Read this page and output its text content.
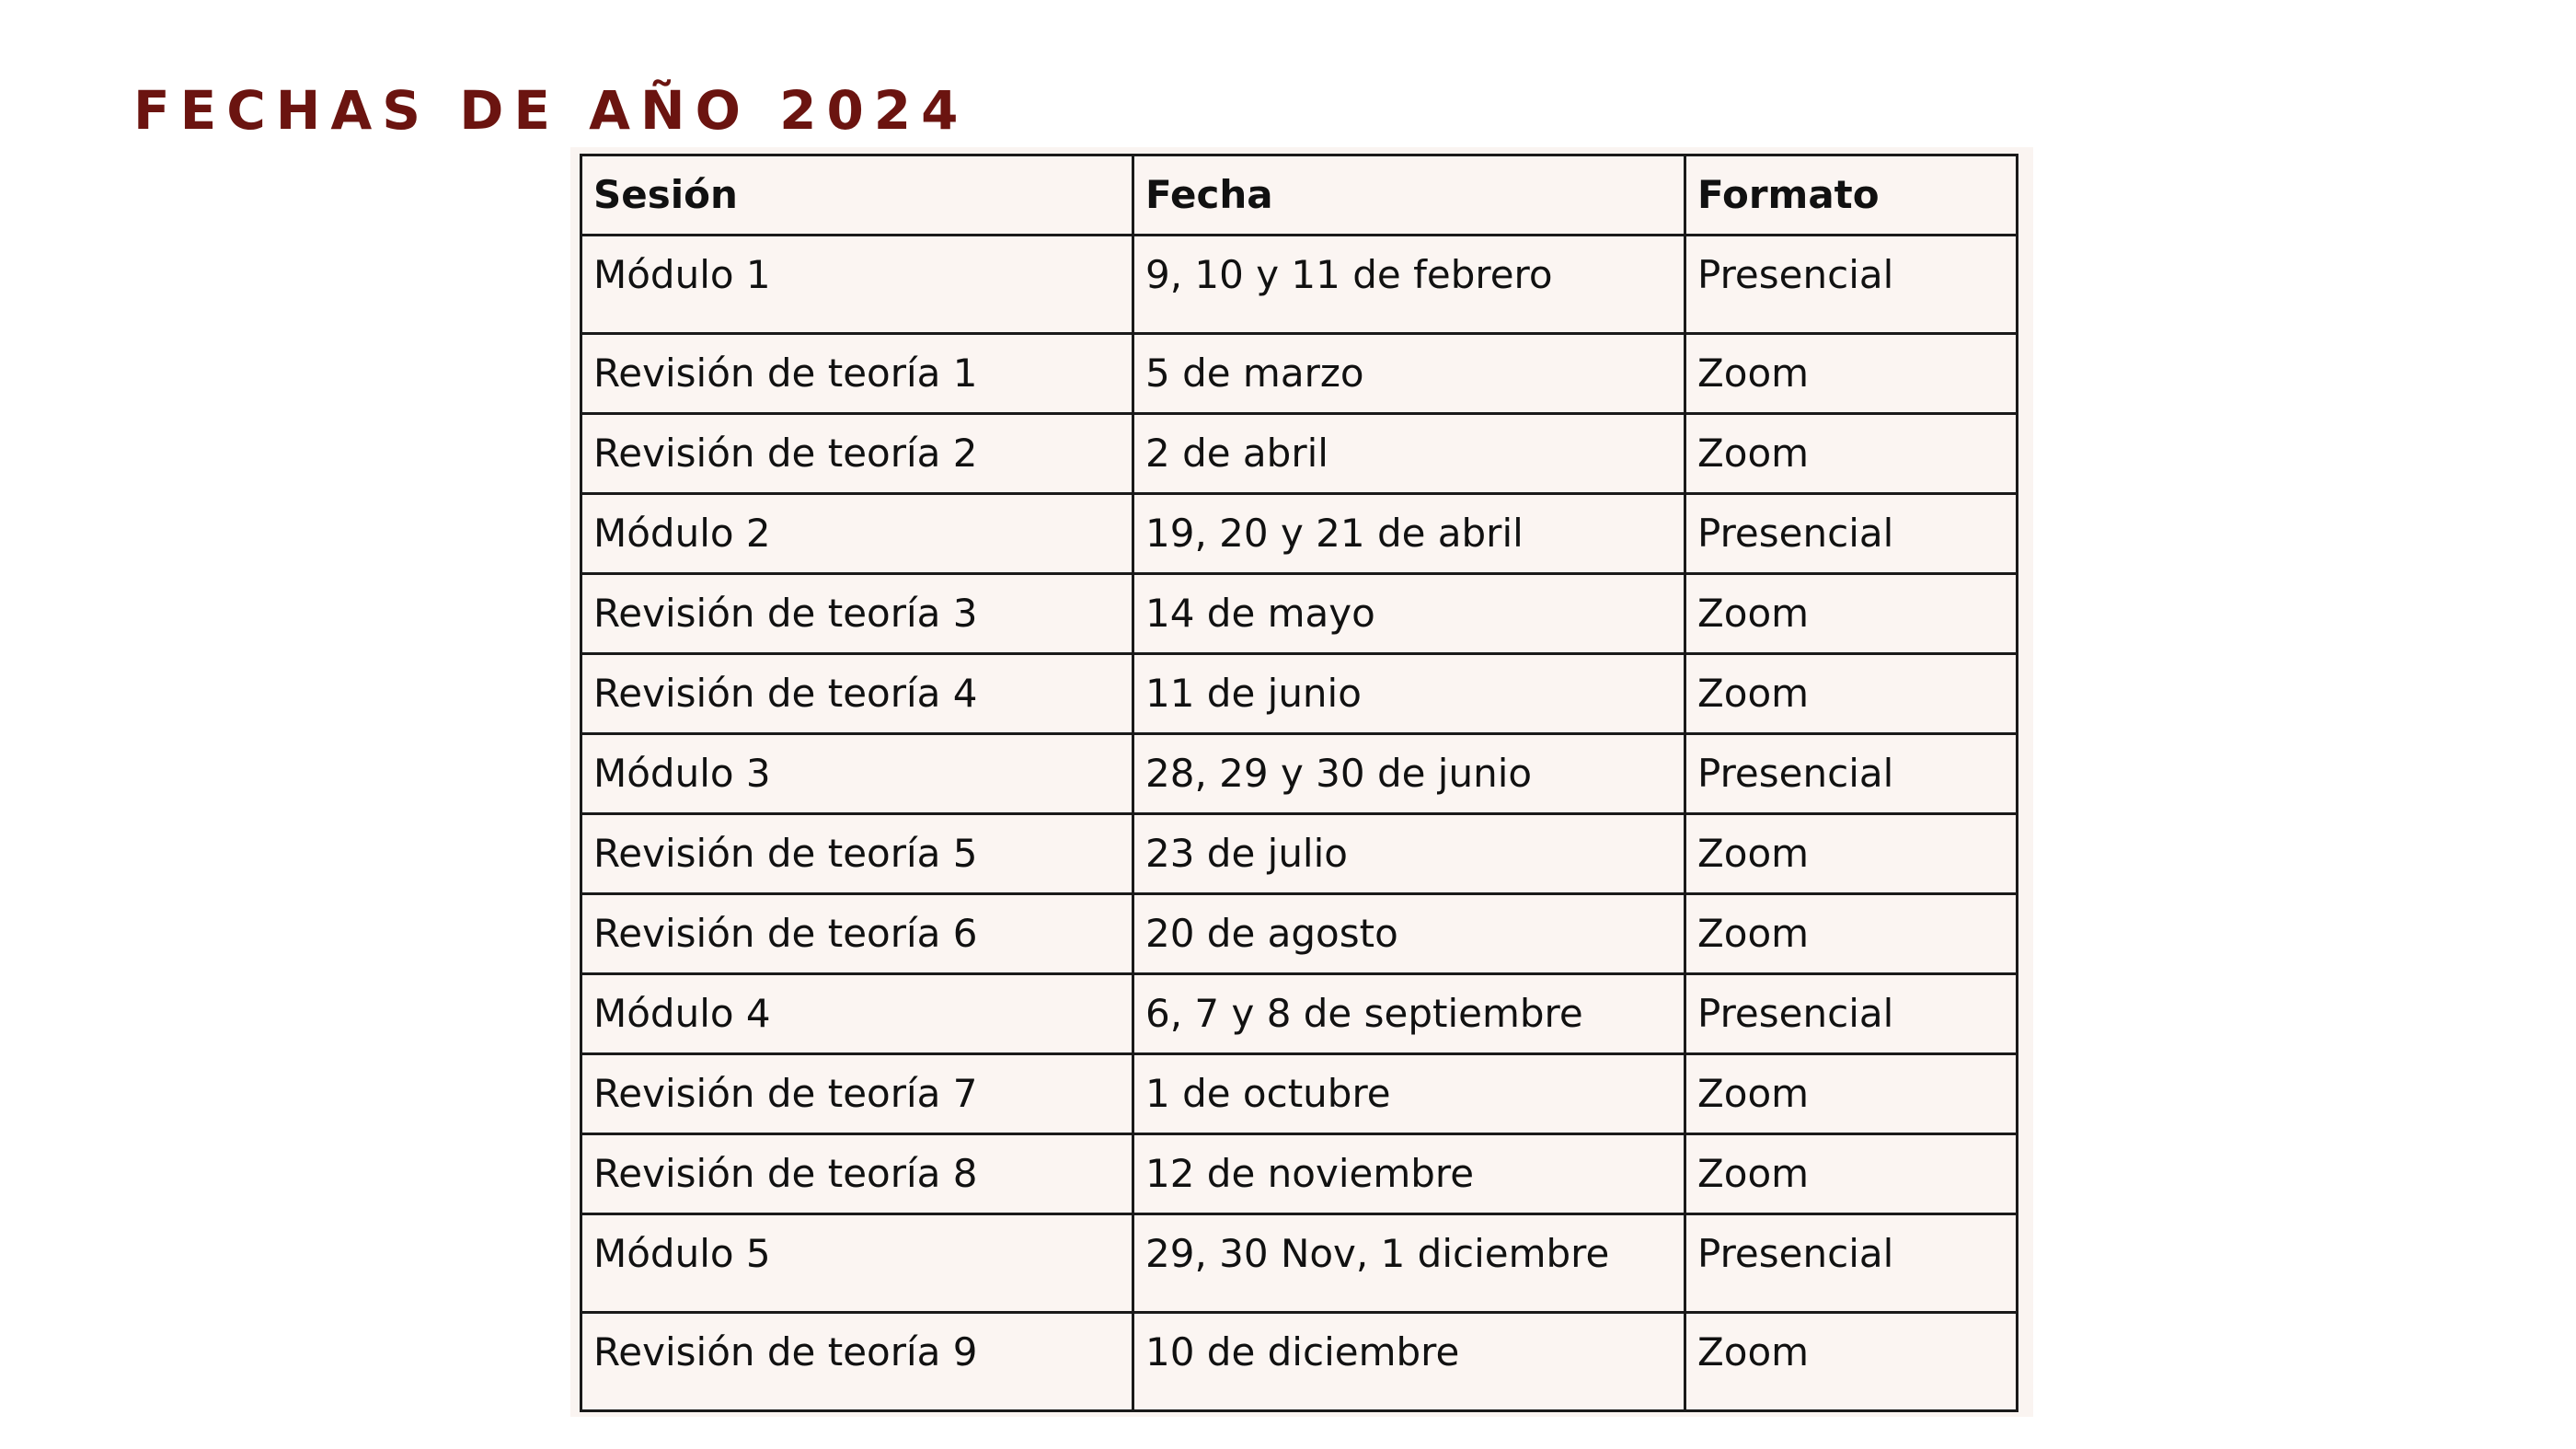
FECHAS DE AÑO 2024
Sesión	Fecha	Formato
Módulo 1	9, 10 y 11 de febrero	Presencial
Revisión de teoría 1	5 de marzo	Zoom
Revisión de teoría 2	2 de abril	Zoom
Módulo 2	19, 20 y 21 de abril	Presencial
Revisión de teoría 3	14 de mayo	Zoom
Revisión de teoría 4	11 de junio	Zoom
Módulo 3	28, 29 y 30 de junio	Presencial
Revisión de teoría 5	23 de julio	Zoom
Revisión de teoría 6	20 de agosto	Zoom
Módulo 4	6, 7 y 8 de septiembre	Presencial
Revisión de teoría 7	1 de octubre	Zoom
Revisión de teoría 8	12 de noviembre	Zoom
Módulo 5	29, 30 Nov, 1 diciembre	Presencial
Revisión de teoría 9	10 de diciembre	Zoom
